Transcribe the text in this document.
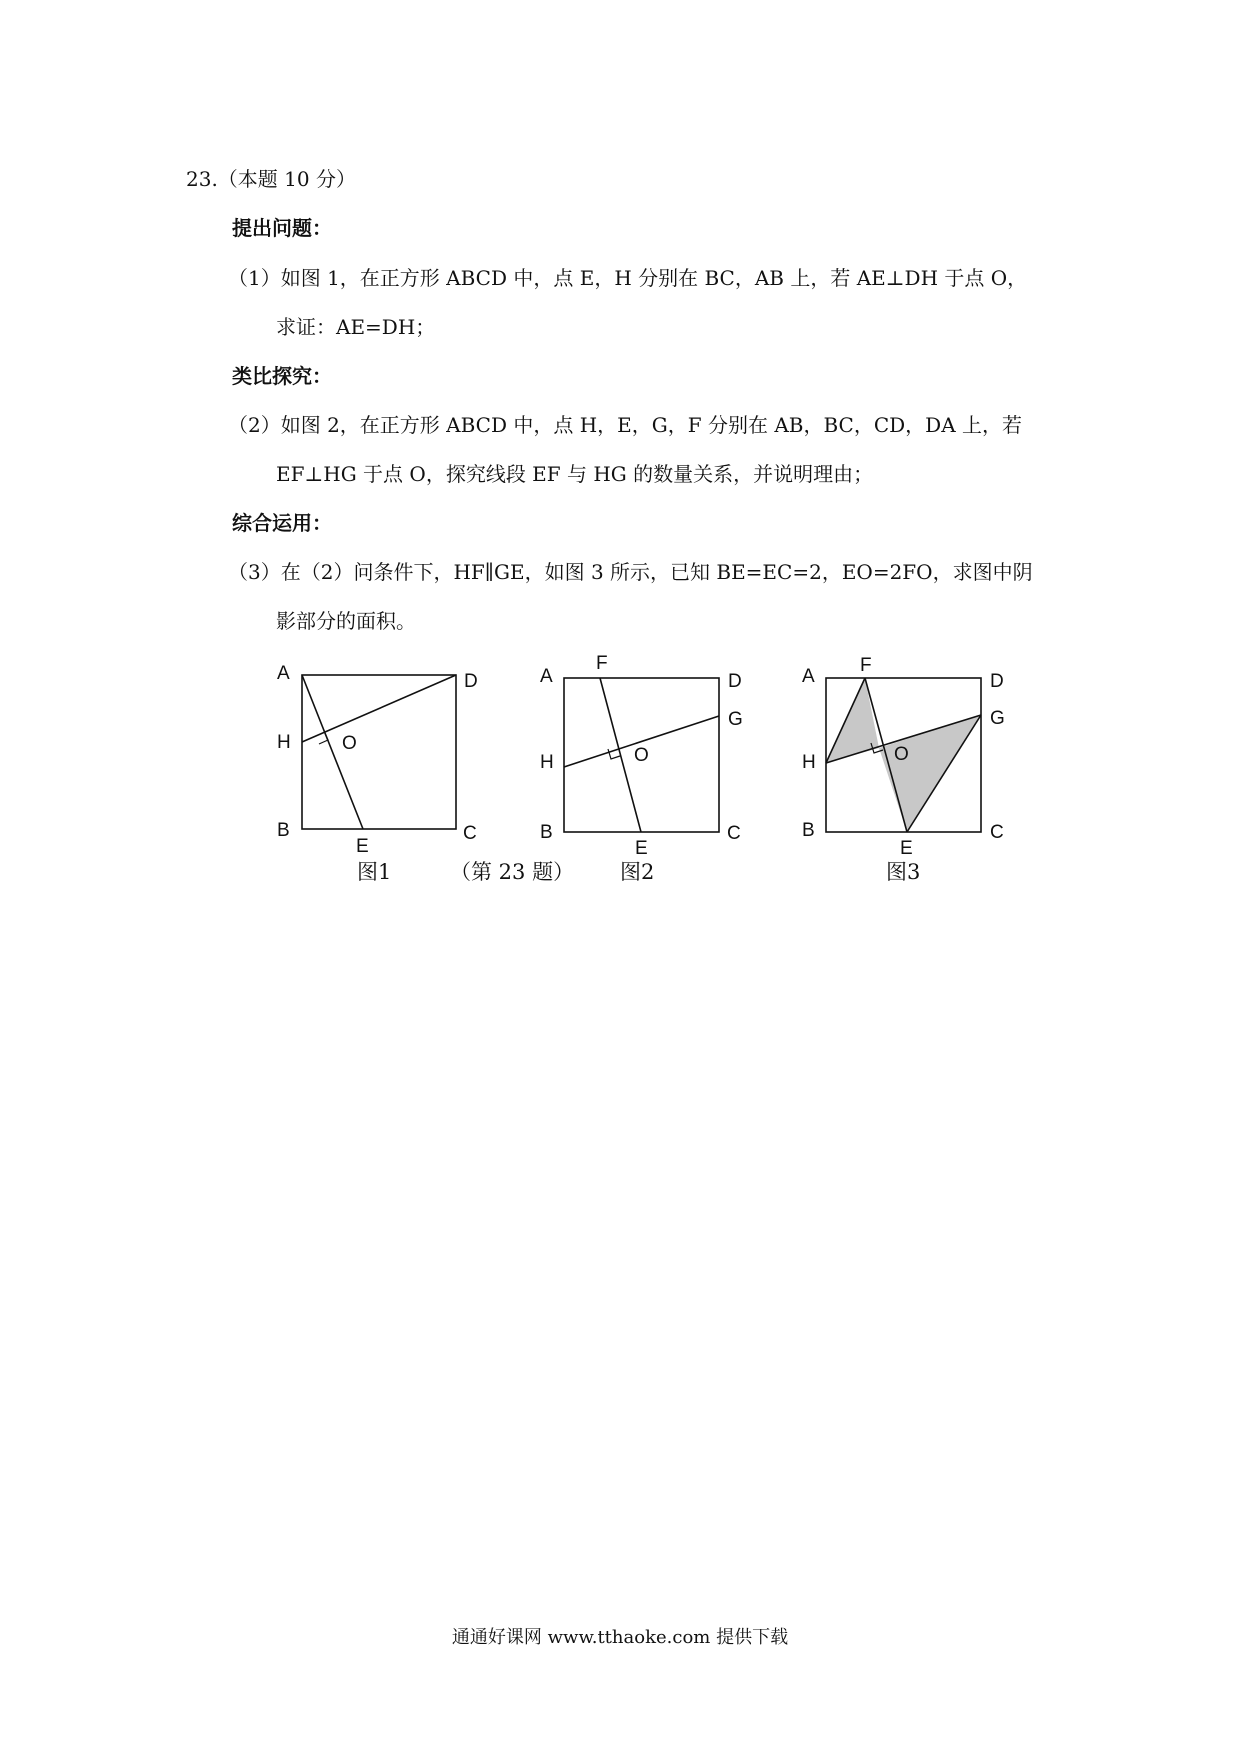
23.（本题 10 分）
提出问题：
（1）如图 1，在正方形 ABCD 中，点 E，H 分别在 BC，AB 上，若 AE⊥DH 于点 O，
求证：AE=DH；
类比探究：
（2）如图 2，在正方形 ABCD 中，点 H，E，G，F 分别在 AB，BC，CD，DA 上，若
EF⊥HG 于点 O，探究线段 EF 与 HG 的数量关系，并说明理由；
综合运用：
（3）在（2）问条件下，HF∥GE，如图 3 所示，已知 BE=EC=2，EO=2FO，求图中阴
影部分的面积。
A	D
H	O
B
E
C
图1	（第 23 题）
A
F
D
G
H	O
B
E
C
图2
A
F
D
G
H	O
B
E
C
图3
通通好课网 www.tthaoke.com 提供下载
